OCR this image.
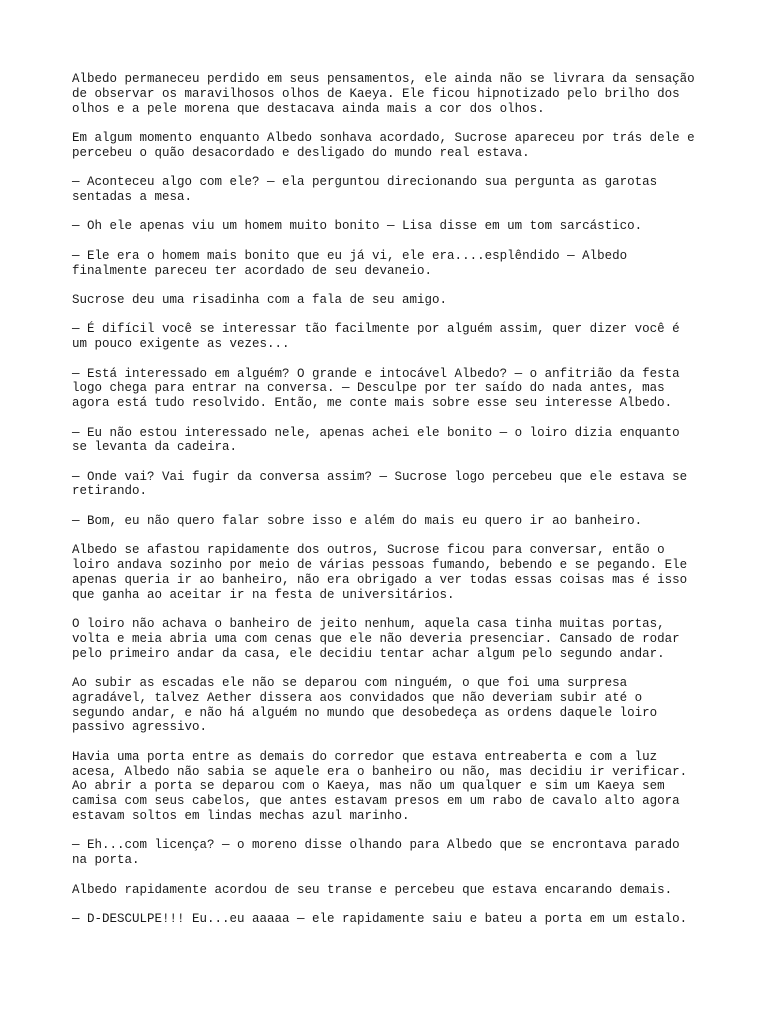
Albedo permaneceu perdido em seus pensamentos, ele ainda não se livrara da sensação
de observar os maravilhosos olhos de Kaeya. Ele ficou hipnotizado pelo brilho dos
olhos e a pele morena que destacava ainda mais a cor dos olhos.

Em algum momento enquanto Albedo sonhava acordado, Sucrose apareceu por trás dele e
percebeu o quão desacordado e desligado do mundo real estava.

— Aconteceu algo com ele? — ela perguntou direcionando sua pergunta as garotas
sentadas a mesa.

— Oh ele apenas viu um homem muito bonito — Lisa disse em um tom sarcástico.

— Ele era o homem mais bonito que eu já vi, ele era....esplêndido — Albedo
finalmente pareceu ter acordado de seu devaneio.

Sucrose deu uma risadinha com a fala de seu amigo.

— É difícil você se interessar tão facilmente por alguém assim, quer dizer você é
um pouco exigente as vezes...

— Está interessado em alguém? O grande e intocável Albedo? — o anfitrião da festa
logo chega para entrar na conversa. — Desculpe por ter saído do nada antes, mas
agora está tudo resolvido. Então, me conte mais sobre esse seu interesse Albedo.

— Eu não estou interessado nele, apenas achei ele bonito — o loiro dizia enquanto
se levanta da cadeira.

— Onde vai? Vai fugir da conversa assim? — Sucrose logo percebeu que ele estava se
retirando.

— Bom, eu não quero falar sobre isso e além do mais eu quero ir ao banheiro.

Albedo se afastou rapidamente dos outros, Sucrose ficou para conversar, então o
loiro andava sozinho por meio de várias pessoas fumando, bebendo e se pegando. Ele
apenas queria ir ao banheiro, não era obrigado a ver todas essas coisas mas é isso
que ganha ao aceitar ir na festa de universitários.

O loiro não achava o banheiro de jeito nenhum, aquela casa tinha muitas portas,
volta e meia abria uma com cenas que ele não deveria presenciar. Cansado de rodar
pelo primeiro andar da casa, ele decidiu tentar achar algum pelo segundo andar.

Ao subir as escadas ele não se deparou com ninguém, o que foi uma surpresa
agradável, talvez Aether dissera aos convidados que não deveriam subir até o
segundo andar, e não há alguém no mundo que desobedeça as ordens daquele loiro
passivo agressivo.

Havia uma porta entre as demais do corredor que estava entreaberta e com a luz
acesa, Albedo não sabia se aquele era o banheiro ou não, mas decidiu ir verificar.
Ao abrir a porta se deparou com o Kaeya, mas não um qualquer e sim um Kaeya sem
camisa com seus cabelos, que antes estavam presos em um rabo de cavalo alto agora
estavam soltos em lindas mechas azul marinho.

— Eh...com licença? — o moreno disse olhando para Albedo que se encrontava parado
na porta.

Albedo rapidamente acordou de seu transe e percebeu que estava encarando demais.

— D-DESCULPE!!! Eu...eu aaaaa — ele rapidamente saiu e bateu a porta em um estalo.
